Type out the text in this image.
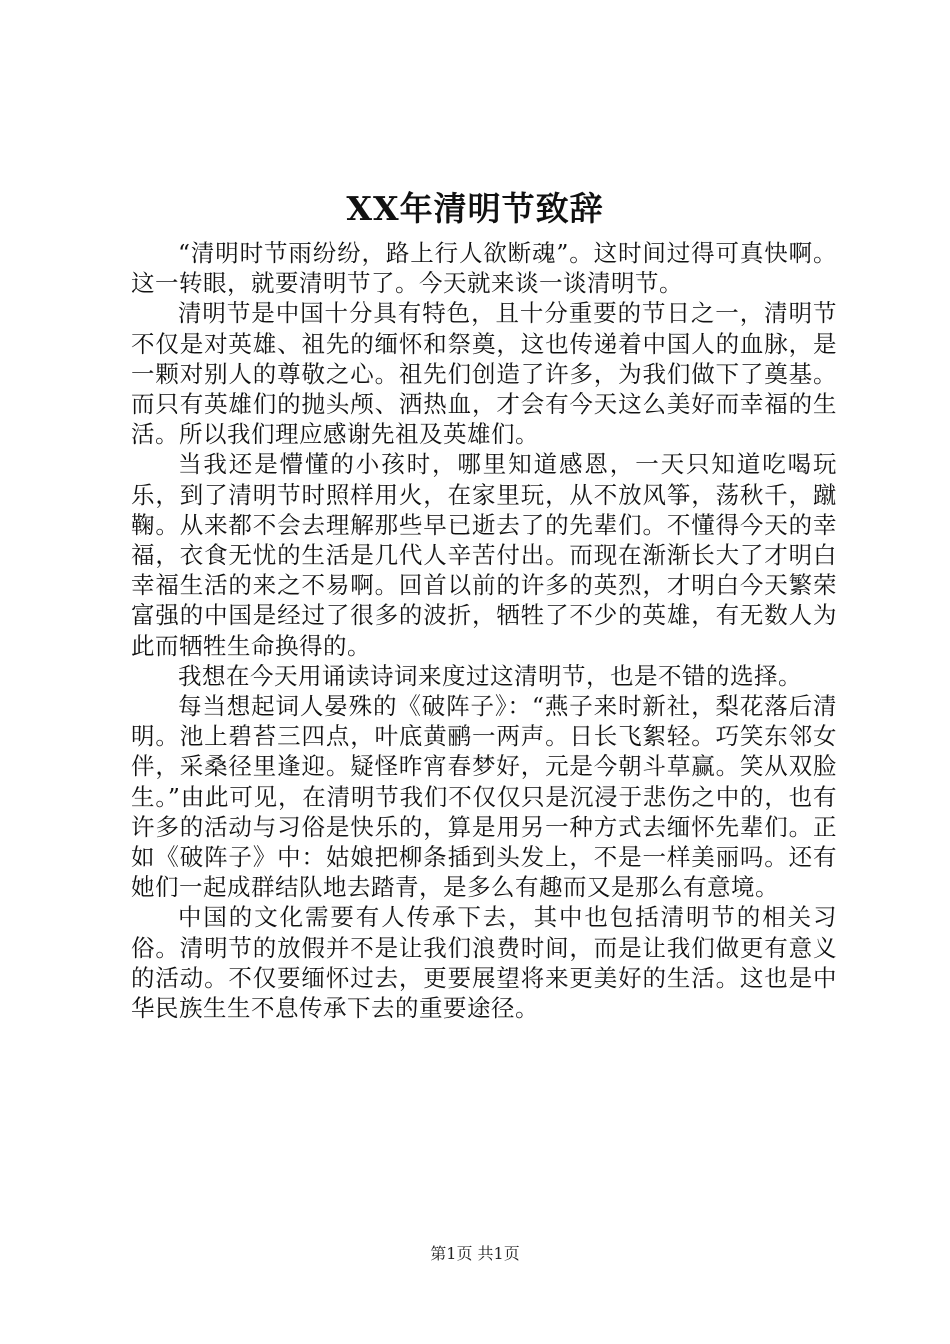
XX年清明节致辞

“清明时节雨纷纷，路上行人欲断魂”。这时间过得可真快啊。这一转眼，就要清明节了。今天就来谈一谈清明节。

清明节是中国十分具有特色，且十分重要的节日之一，清明节不仅是对英雄、祖先的缅怀和祭奠，这也传递着中国人的血脉，是一颗对别人的尊敬之心。祖先们创造了许多，为我们做下了奠基。而只有英雄们的抛头颅、洒热血，才会有今天这么美好而幸福的生活。所以我们理应感谢先祖及英雄们。

当我还是懵懂的小孩时，哪里知道感恩，一天只知道吃喝玩乐，到了清明节时照样用火，在家里玩，从不放风筝，荡秋千，蹴鞠。从来都不会去理解那些早已逝去了的先辈们。不懂得今天的幸福，衣食无忧的生活是几代人辛苦付出。而现在渐渐长大了才明白幸福生活的来之不易啊。回首以前的许多的英烈，才明白今天繁荣富强的中国是经过了很多的波折，牺牲了不少的英雄，有无数人为此而牺牲生命换得的。

我想在今天用诵读诗词来度过这清明节，也是不错的选择。

每当想起词人晏殊的《破阵子》：“燕子来时新社，梨花落后清明。池上碧苔三四点，叶底黄鹂一两声。日长飞絮轻。巧笑东邻女伴，采桑径里逢迎。疑怪昨宵春梦好，元是今朝斗草赢。笑从双脸生。”由此可见，在清明节我们不仅仅只是沉浸于悲伤之中的，也有许多的活动与习俗是快乐的，算是用另一种方式去缅怀先辈们。正如《破阵子》中：姑娘把柳条插到头发上，不是一样美丽吗。还有她们一起成群结队地去踏青，是多么有趣而又是那么有意境。

中国的文化需要有人传承下去，其中也包括清明节的相关习俗。清明节的放假并不是让我们浪费时间，而是让我们做更有意义的活动。不仅要缅怀过去，更要展望将来更美好的生活。这也是中华民族生生不息传承下去的重要途径。

第1页 共1页
